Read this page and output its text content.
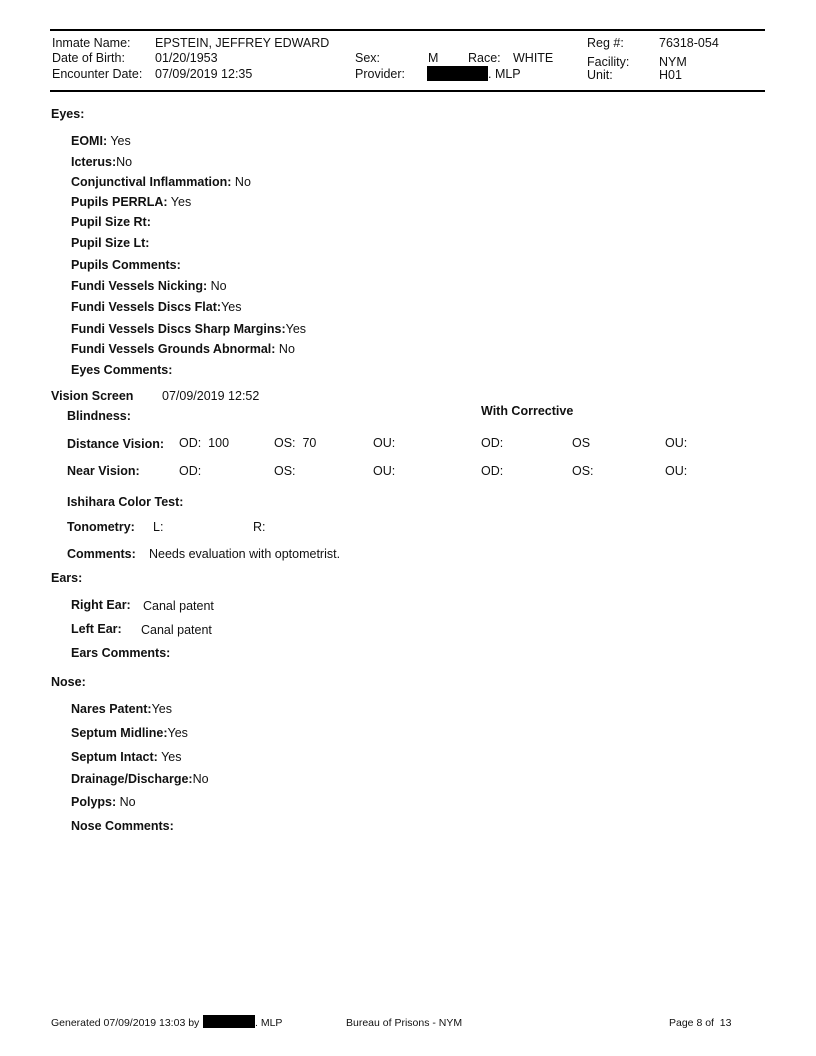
Inmate Name: EPSTEIN, JEFFREY EDWARD
Date of Birth: 01/20/1953
Encounter Date: 07/09/2019 12:35
Sex:	M Race: WHITE
Provider:	. MLP
Reg #:	76318-054
Facility: NYM
Unit:	H01
Eyes:
EOMI: Yes
Icterus:No
Conjunctival Inflammation: No
Pupils PERRLA: Yes
Pupil Size Rt:
Pupil Size Lt:
Pupils Comments:
Fundi Vessels Nicking: No
Fundi Vessels Discs Flat:Yes
Fundi Vessels Discs Sharp Margins:Yes
Fundi Vessels Grounds Abnormal: No
Eyes Comments:
Vision Screen 07/09/2019 12:52
Blindness:	With Corrective
Distance Vision: OD:  100	OS:  70	OU:	OD:	OS	OU:
Near Vision:	OD:	OS:	OU:	OD:	OS:	OU:
Ishihara Color Test:
Tonometry: L:	R:
Comments: Needs evaluation with optometrist.
Ears:
Right Ear: Canal patent
Left Ear: Canal patent
Ears Comments:
Nose:
Nares Patent:Yes
Septum Midline:Yes
Septum Intact: Yes
Drainage/Discharge:No
Polyps: No
Nose Comments:
Generated 07/09/2019 13:03 by	. MLP	Bureau of Prisons - NYM	Page 8 of  13
